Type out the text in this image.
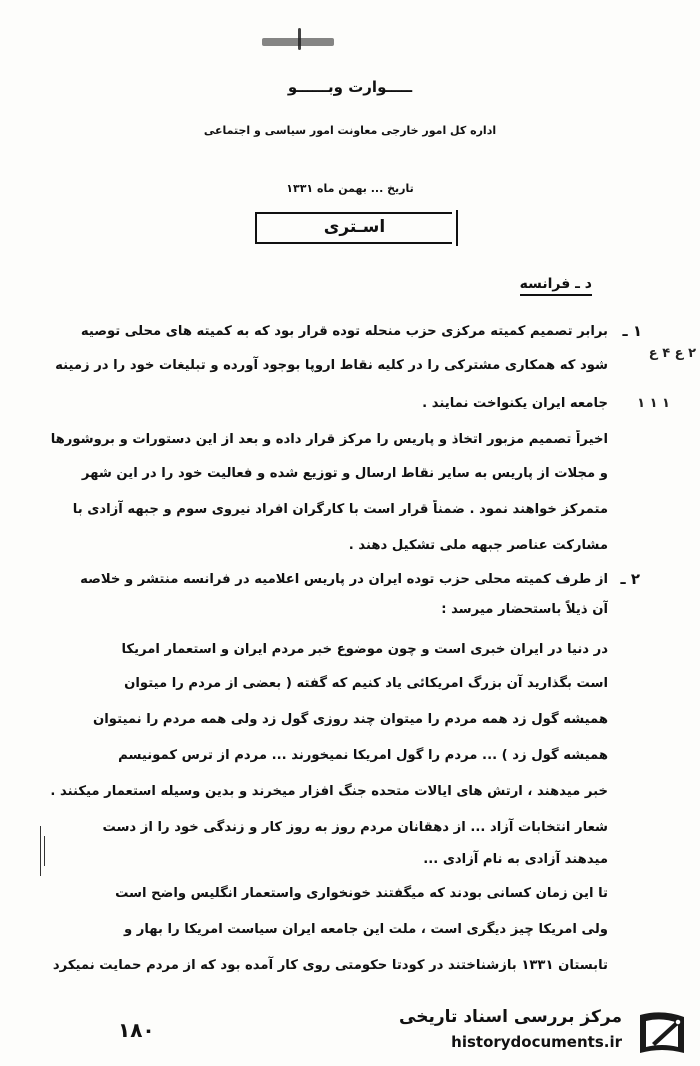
ـــــوارت وبــــــو
اداره کل امور خارجی معاونت امور سیاسی و اجتماعی
تاریخ ... بهمن ماه ۱۳۳۱
اسـتری
د ـ فرانسه
۱ ـ
برابر تصمیم کمیته مرکزی حزب منحله توده قرار بود که به کمیته های محلی توصیه
شود که همکاری مشترکی را در کلیه نقاط اروپا بوجود آورده و تبلیغات خود را در زمینه
جامعه ایران یکنواخت نمایند .
اخیراً تصمیم مزبور اتخاذ و پاریس را مرکز قرار داده و بعد از این دستورات و بروشورها
و مجلات از پاریس به سایر نقاط ارسال و توزیع شده و فعالیت خود را در این شهر
متمرکز خواهند نمود . ضمناً قرار است با کارگران افراد نیروی سوم و جبهه آزادی با
مشارکت عناصر جبهه ملی تشکیل دهند .
۲ ـ
از طرف کمیته محلی حزب توده ایران در پاریس اعلامیه در فرانسه منتشر و خلاصه
آن ذیلاً باستحضار میرسد :
در دنیا در ایران خبری است و چون موضوع خبر مردم ایران و استعمار امریکا
است بگذارید آن بزرگ امریکائی یاد کنیم که گفته ( بعضی از مردم را میتوان
همیشه گول زد همه مردم را میتوان چند روزی گول زد ولی همه مردم را نمیتوان
همیشه گول زد ) ... مردم را گول امریکا نمیخورند ... مردم از ترس کمونیسم
خبر میدهند ، ارتش های ایالات متحده جنگ افزار میخرند و بدین وسیله استعمار میکنند .
شعار انتخابات آزاد ... از دهقانان مردم روز به روز کار و زندگی خود را از دست
میدهند آزادی به نام آزادی ...
تا این زمان کسانی بودند که میگفتند خونخواری واستعمار انگلیس واضح است
ولی امریکا چیز دیگری است ، ملت این جامعه ایران سیاست امریکا را بهار و
تابستان ۱۳۳۱ بازشناختند در کودتا حکومتی روی کار آمده بود که از مردم حمایت نمیکرد
۲ ع ۴ ع
۱ ۱ ۱
۱۸۰
مرکز بررسی اسناد تاریخی
historydocuments.ir
